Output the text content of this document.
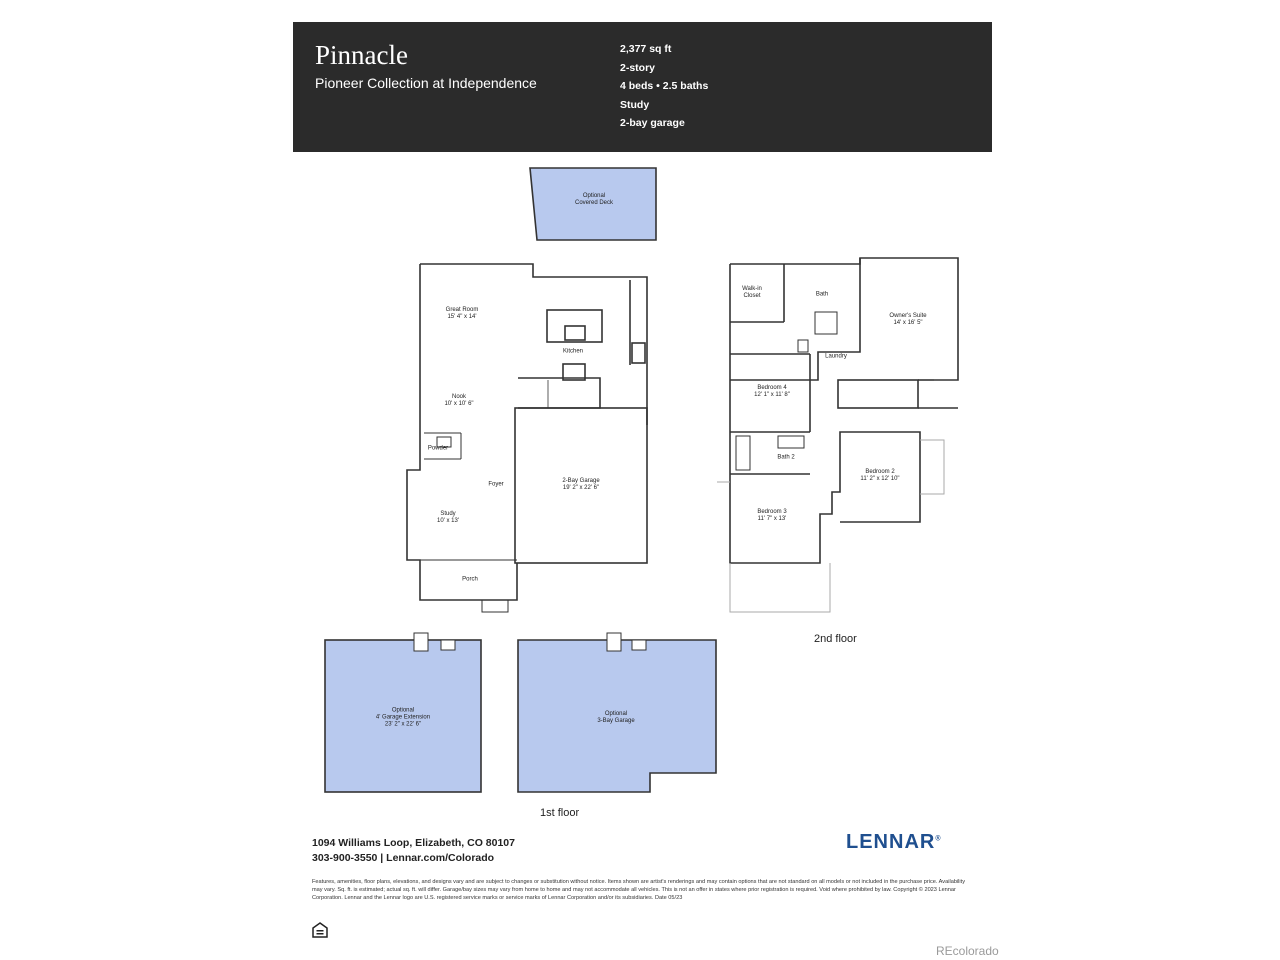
Pinnacle
Pioneer Collection at Independence
2,377 sq ft
2-story
4 beds • 2.5 baths
Study
2-bay garage
Optional
Covered Deck
Great Room
15' 4" x 14'
Kitchen
Nook
10' x 10' 6"
Powder
Foyer
Study
10' x 13'
2-Bay Garage
19' 2" x 22' 6"
Porch
Optional
4' Garage Extension
23' 2" x 22' 6"
Optional
3-Bay Garage
1st floor
Walk-in
Closet	Bath
Owner's Suite
14' x 16' 5"
Laundry
Bedroom 4
12' 1" x 11' 8"
Bath 2
Bedroom 2
11' 2" x 12' 10"
Bedroom 3
11' 7" x 13'
2nd floor
1094 Williams Loop, Elizabeth, CO 80107
303-900-3550 | Lennar.com/Colorado
LENNAR®
Features, amenities, floor plans, elevations, and designs vary and are subject to changes or substitution without notice. Items shown are artist's renderings and may contain options that are not standard on all models or not included in the purchase price. Availability may vary. Sq. ft. is estimated; actual sq. ft. will differ. Garage/bay sizes may vary from home to home and may not accommodate all vehicles. This is not an offer in states where prior registration is required. Void where prohibited by law. Copyright © 2023 Lennar Corporation. Lennar and the Lennar logo are U.S. registered service marks or service marks of Lennar Corporation and/or its subsidiaries. Date 05/23
REcolorado
